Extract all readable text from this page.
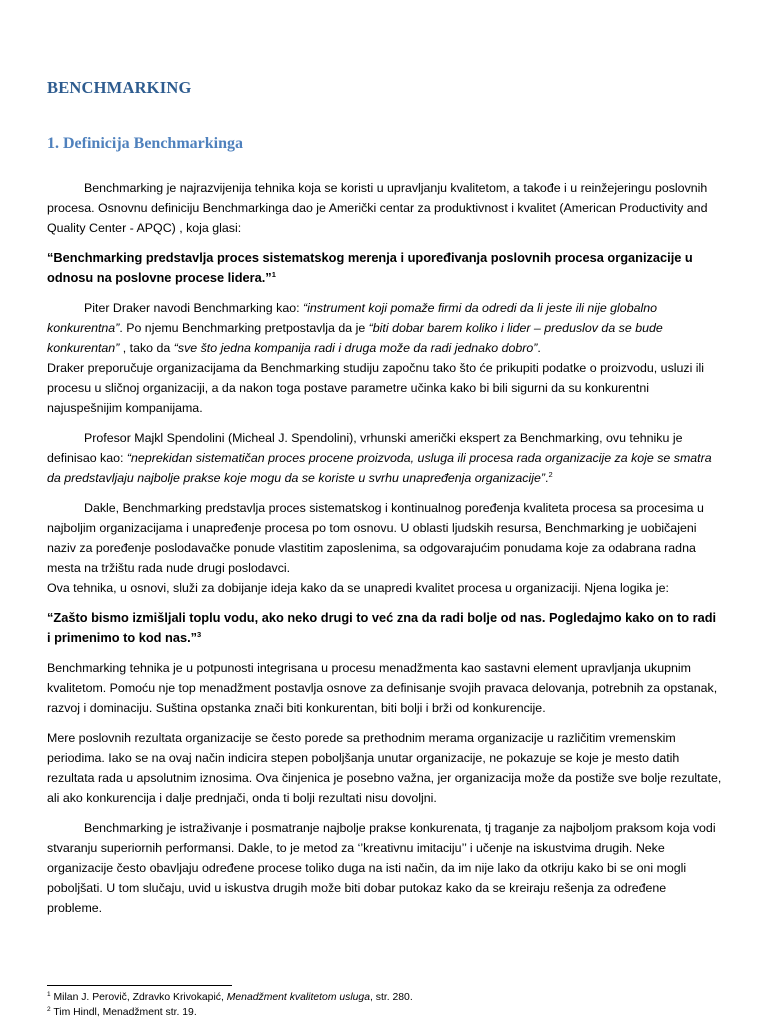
BENCHMARKING
1. Definicija Benchmarkinga

Benchmarking je najrazvijenija tehnika koja se koristi u upravljanju kvalitetom, a takođe i u reinžejeringu poslovnih procesa. Osnovnu definiciju Benchmarkinga dao je Američki centar za produktivnost i kvalitet (American Productivity and Quality Center - APQC) , koja glasi:

“Benchmarking predstavlja proces sistematskog merenja i upoređivanja poslovnih procesa organizacije u odnosu na poslovne procese lidera.”$^1$

Piter Draker navodi Benchmarking kao: “instrument koji pomaže firmi da odredi da li jeste ili nije globalno konkurentna”. Po njemu Benchmarking pretpostavlja da je “biti dobar barem koliko i lider – preduslov da se bude konkurentan” , tako da “sve što jedna kompanija radi i druga može da radi jednako dobro”.

Draker preporučuje organizacijama da Benchmarking studiju započnu tako što će prikupiti podatke o proizvodu, usluzi ili procesu u sličnoj organizaciji, a da nakon toga postave parametre učinka kako bi bili sigurni da su konkurentni najuspešnijim kompanijama.

Profesor Majkl Spendolini (Micheal J. Spendolini), vrhunski američki ekspert za Benchmarking, ovu tehniku je definisao kao: “neprekidan sistematičan proces procene proizvoda, usluga ili procesa rada organizacije za koje se smatra da predstavljaju najbolje prakse koje mogu da se koriste u svrhu unapređenja organizacije”.$^2$

Dakle, Benchmarking predstavlja proces sistematskog i kontinualnog poređenja kvaliteta procesa sa procesima u najboljim organizacijama i unapređenje procesa po tom osnovu. U oblasti ljudskih resursa, Benchmarking je uobičajeni naziv za poređenje poslodavačke ponude vlastitim zaposlenima, sa odgovarajućim ponudama koje za odabrana radna mesta na tržištu rada nude drugi poslodavci.

Ova tehnika, u osnovi, služi za dobijanje ideja kako da se unapredi kvalitet procesa u organizaciji. Njena logika je:

“Zašto bismo izmišljali toplu vodu, ako neko drugi to već zna da radi bolje od nas. Pogledajmo kako on to radi i primenimo to kod nas.”$^3$

Benchmarking tehnika je u potpunosti integrisana u procesu menadžmenta kao sastavni element upravljanja ukupnim kvalitetom. Pomoću nje top menadžment postavlja osnove za definisanje svojih pravaca delovanja, potrebnih za opstanak, razvoj i dominaciju. Suština opstanka znači biti konkurentan, biti bolji i brži od konkurencije.

Mere poslovnih rezultata organizacije se često porede sa prethodnim merama organizacije u različitim vremenskim periodima. Iako se na ovaj način indicira stepen poboljšanja unutar organizacije, ne pokazuje se koje je mesto datih rezultata rada u apsolutnim iznosima. Ova činjenica je posebno važna, jer organizacija može da postiže sve bolje rezultate, ali ako konkurencija i dalje prednjači, onda ti bolji rezultati nisu dovoljni.

Benchmarking je istraživanje i posmatranje najbolje prakse konkurenata, tj traganje za najboljom praksom koja vodi stvaranju superiornih performansi. Dakle, to je metod za ‘’kreativnu imitaciju’’ i učenje na iskustvima drugih. Neke organizacije često obavljaju određene procese toliko duga na isti način, da im nije lako da otkriju kako bi se oni mogli poboljšati. U tom slučaju, uvid u iskustva drugih može biti dobar putokaz kako da se kreiraju rešenja za određene probleme.

$^1$ Milan J. Perovič, Zdravko Krivokapić, Menadžment kvalitetom usluga, str. 280.
$^2$ Tim Hindl, Menadžment str. 19.
